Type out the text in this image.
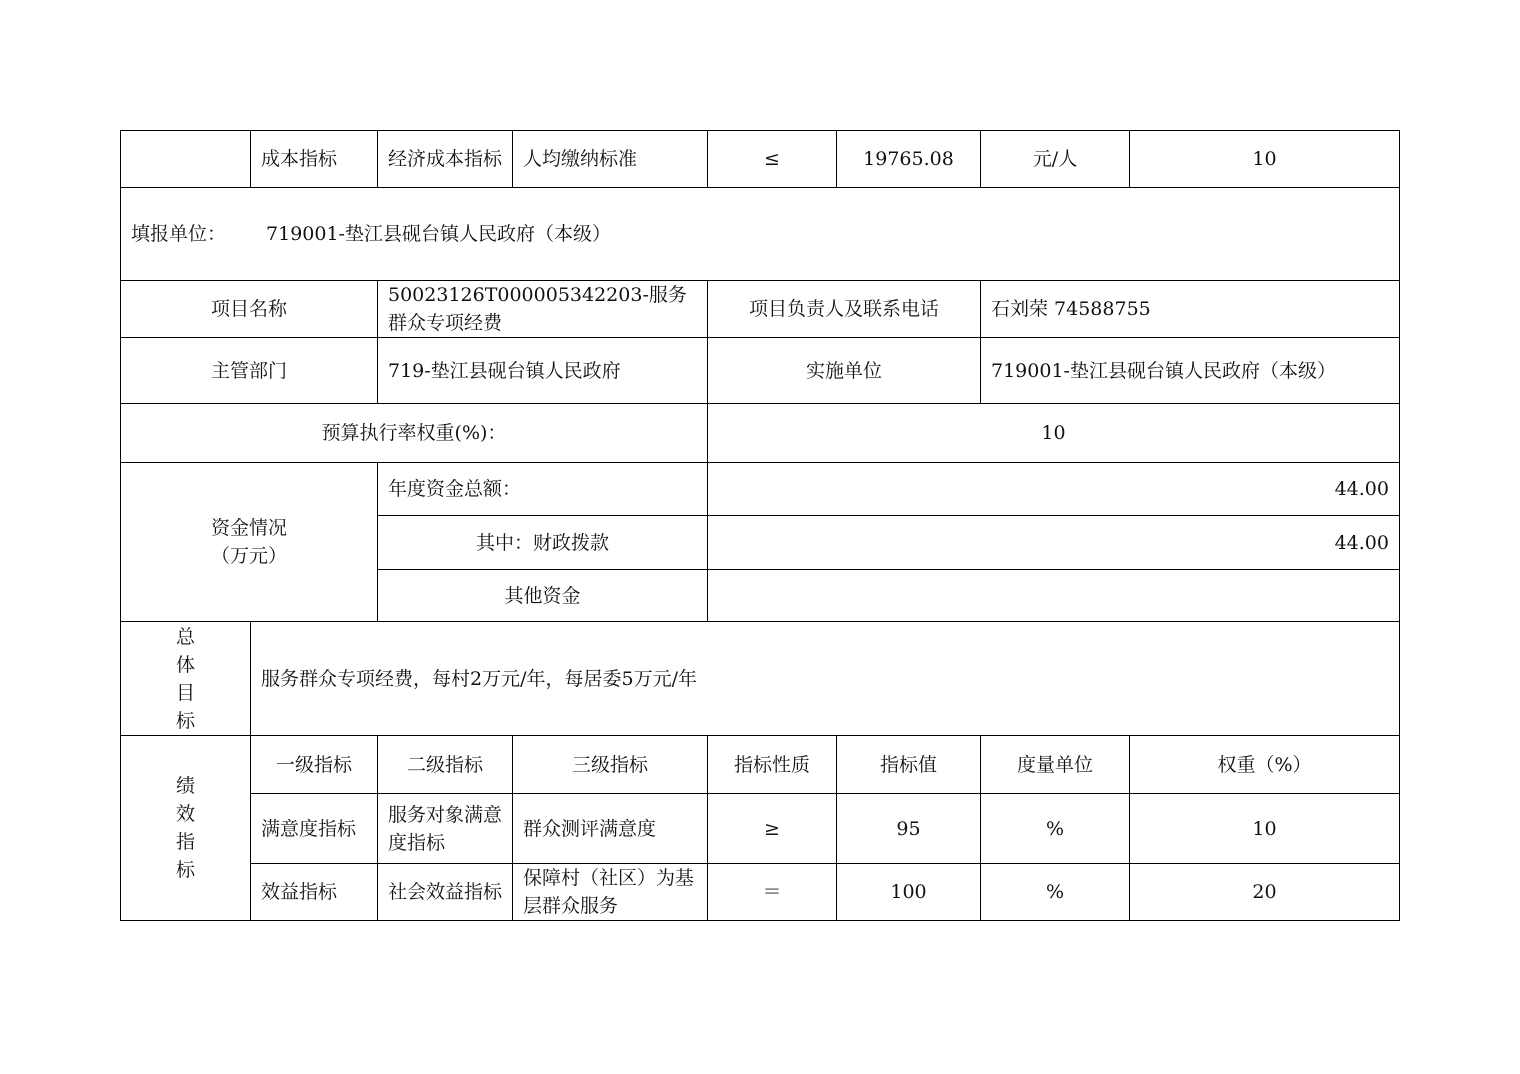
	成本指标	经济成本指标	人均缴纳标准	≤	19765.08	元/人	10
填报单位： 719001-垫江县砚台镇人民政府（本级）							
项目名称		50023126T000005342203-服务群众专项经费		项目负责人及联系电话		石刘荣 74588755	
主管部门		719-垫江县砚台镇人民政府		实施单位		719001-垫江县砚台镇人民政府（本级）	
预算执行率权重(%)：				10			
资金情况
（万元）		年度资金总额：		44.00			
		其中：财政拨款		44.00			
		其他资金					

总
体
目
标	服务群众专项经费，每村2万元/年，每居委5万元/年						

绩
效
指
标	一级指标	二级指标	三级指标	指标性质	指标值	度量单位	权重（%）
	满意度指标	服务对象满意度指标	群众测评满意度	≥	95	%	10
	效益指标	社会效益指标	保障村（社区）为基层群众服务	＝	100	%	20
